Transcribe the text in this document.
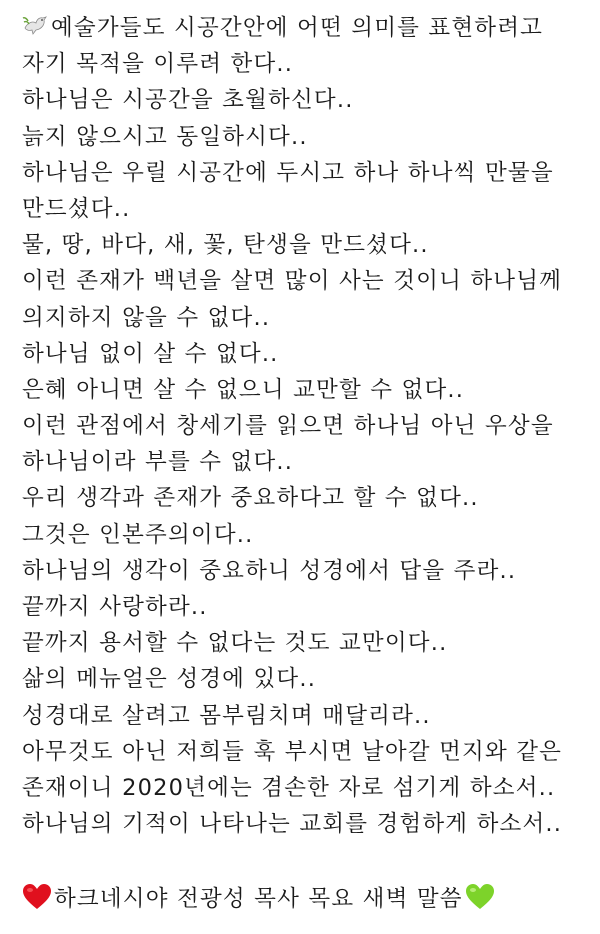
예술가들도 시공간안에 어떤 의미를 표현하려고
자기 목적을 이루려 한다..
하나님은 시공간을 초월하신다..
늙지 않으시고 동일하시다..
하나님은 우릴 시공간에 두시고 하나 하나씩 만물을
만드셨다..
물, 땅, 바다, 새, 꽃, 탄생을 만드셨다..
이런 존재가 백년을 살면 많이 사는 것이니 하나님께
의지하지 않을 수 없다..
하나님 없이 살 수 없다..
은혜 아니면 살 수 없으니 교만할 수 없다..
이런 관점에서 창세기를 읽으면 하나님 아닌 우상을
하나님이라 부를 수 없다..
우리 생각과 존재가 중요하다고 할 수 없다..
그것은 인본주의이다..
하나님의 생각이 중요하니 성경에서 답을 주라..
끝까지 사랑하라..
끝까지 용서할 수 없다는 것도 교만이다..
삶의 메뉴얼은 성경에 있다..
성경대로 살려고 몸부림치며 매달리라..
아무것도 아닌 저희들 훅 부시면 날아갈 먼지와 같은
존재이니 2020년에는 겸손한 자로 섬기게 하소서..
하나님의 기적이 나타나는 교회를 경험하게 하소서..
하크네시야 전광성 목사 목요 새벽 말씀
